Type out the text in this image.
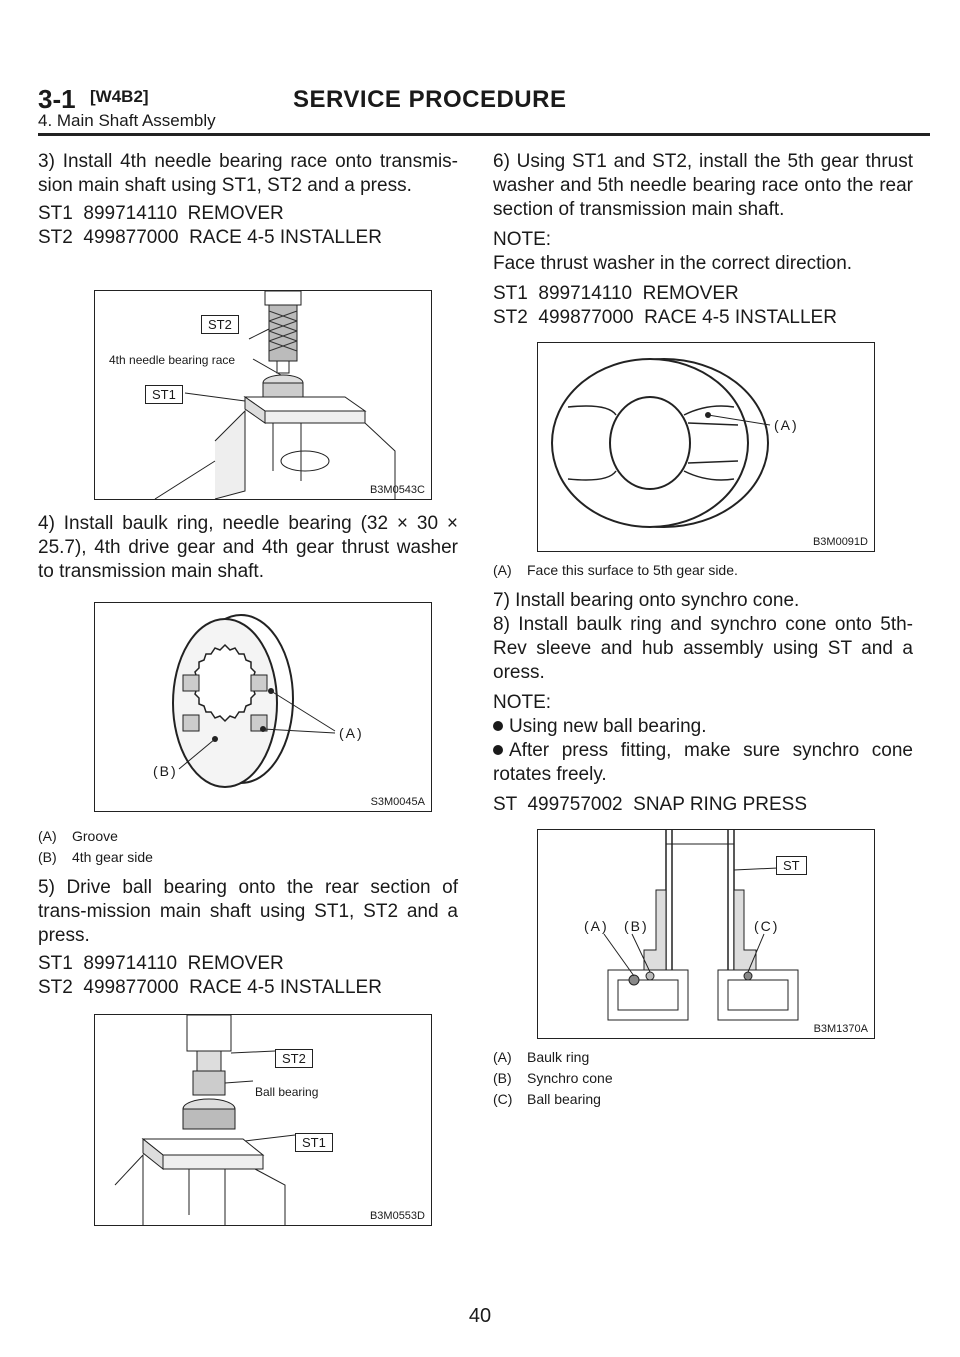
3-1 [W4B2]	SERVICE PROCEDURE
4. Main Shaft Assembly

3) Install 4th needle bearing race onto transmis-sion main shaft using ST1, ST2 and a press.

ST1  899714110  REMOVER

ST2  499877000  RACE 4-5 INSTALLER

ST2
4th needle bearing race
ST1
B3M0543C

4) Install baulk ring, needle bearing (32 × 30 × 25.7), 4th drive gear and 4th gear thrust washer to transmission main shaft.

(A)
(B)
S3M0045A
(A) Groove
(B) 4th gear side

5) Drive ball bearing onto the rear section of trans-mission main shaft using ST1, ST2 and a press.

ST1  899714110  REMOVER

ST2  499877000  RACE 4-5 INSTALLER

ST2
Ball bearing
ST1
B3M0553D

6) Using ST1 and ST2, install the 5th gear thrust washer and 5th needle bearing race onto the rear section of transmission main shaft.

NOTE:

Face thrust washer in the correct direction.

ST1  899714110  REMOVER

ST2  499877000  RACE 4-5 INSTALLER

(A)
B3M0091D
(A) Face this surface to 5th gear side.

7) Install bearing onto synchro cone.

8) Install baulk ring and synchro cone onto 5th-Rev sleeve and hub assembly using ST and a oress.

NOTE:

Using new ball bearing.

After press fitting, make sure synchro cone rotates freely.

ST  499757002  SNAP RING PRESS

ST
(A) (B)	(C)
B3M1370A
(A) Baulk ring
(B) Synchro cone
(C) Ball bearing
40
